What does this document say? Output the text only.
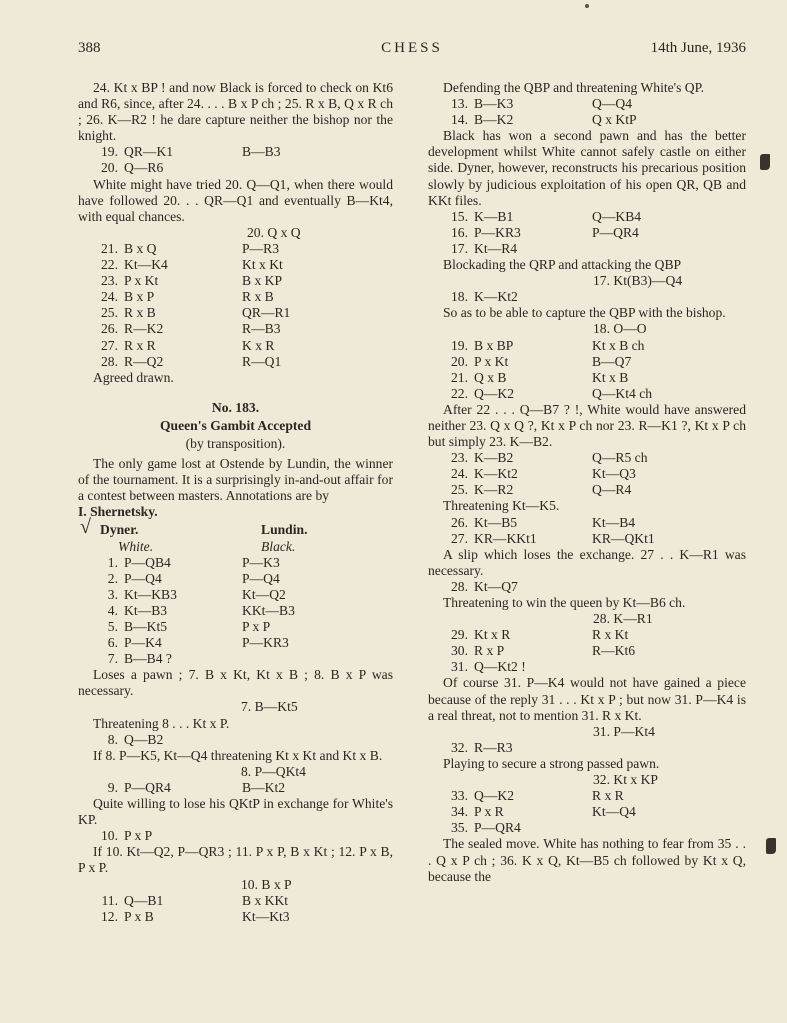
388	CHESS	14th June, 1936

24. Kt x BP ! and now Black is forced to check on Kt6 and R6, since, after 24. . . . B x P ch ; 25. R x B, Q x R ch ; 26. K—R2 ! he dare capture neither the bishop nor the knight.

19. QR—K1	B—B3
20. Q—R6

White might have tried 20. Q—Q1, when there would have followed 20. . . QR—Q1 and eventually B—Kt4, with equal chances.

20. Q x Q
21. B x Q	P—R3
22. Kt—K4	Kt x Kt
23. P x Kt	B x KP
24. B x P	R x B
25. R x B	QR—R1
26. R—K2	R—B3
27. R x R	K x R
28. R—Q2	R—Q1

Agreed drawn.

No. 183.

Queen's Gambit Accepted

(by transposition).

The only game lost at Ostende by Lundin, the winner of the tournament. It is a surprisingly in-and-out affair for a contest between masters. Annotations are by

I. Shernetsky.

√ Dyner.	Lundin.
White.	Black.
1. P—QB4	P—K3
2. P—Q4	P—Q4
3. Kt—KB3	Kt—Q2
4. Kt—B3	KKt—B3
5. B—Kt5	P x P
6. P—K4	P—KR3
7. B—B4 ?

Loses a pawn ; 7. B x Kt, Kt x B ; 8. B x P was necessary.

7. B—Kt5

Threatening 8 . . . Kt x P.

8. Q—B2

If 8. P—K5, Kt—Q4 threatening Kt x Kt and Kt x B.

8. P—QKt4
9. P—QR4	B—Kt2

Quite willing to lose his QKtP in exchange for White's KP.

10. P x P

If 10. Kt—Q2, P—QR3 ; 11. P x P, B x Kt ; 12. P x B, P x P.

10. B x P
11. Q—B1	B x KKt
12. P x B	Kt—Kt3

Defending the QBP and threatening White's QP.

13. B—K3	Q—Q4
14. B—K2	Q x KtP

Black has won a second pawn and has the better development whilst White cannot safely castle on either side. Dyner, however, reconstructs his precarious position slowly by judicious exploitation of his open QR, QB and KKt files.

15. K—B1	Q—KB4
16. P—KR3	P—QR4
17. Kt—R4

Blockading the QRP and attacking the QBP

17. Kt(B3)—Q4
18. K—Kt2

So as to be able to capture the QBP with the bishop.

18. O—O
19. B x BP	Kt x B ch
20. P x Kt	B—Q7
21. Q x B	Kt x B
22. Q—K2	Q—Kt4 ch

After 22 . . . Q—B7 ? !, White would have answered neither 23. Q x Q ?, Kt x P ch nor 23. R—K1 ?, Kt x P ch but simply 23. K—B2.

23. K—B2	Q—R5 ch
24. K—Kt2	Kt—Q3
25. K—R2	Q—R4

Threatening Kt—K5.

26. Kt—B5	Kt—B4
27. KR—KKt1	KR—QKt1

A slip which loses the exchange. 27 . . K—R1 was necessary.

28. Kt—Q7

Threatening to win the queen by Kt—B6 ch.

28. K—R1
29. Kt x R	R x Kt
30. R x P	R—Kt6
31. Q—Kt2 !

Of course 31. P—K4 would not have gained a piece because of the reply 31 . . . Kt x P ; but now 31. P—K4 is a real threat, not to mention 31. R x Kt.

31. P—Kt4
32. R—R3

Playing to secure a strong passed pawn.

32. Kt x KP
33. Q—K2	R x R
34. P x R	Kt—Q4
35. P—QR4

The sealed move. White has nothing to fear from 35 . . . Q x P ch ; 36. K x Q, Kt—B5 ch followed by Kt x Q, because the
